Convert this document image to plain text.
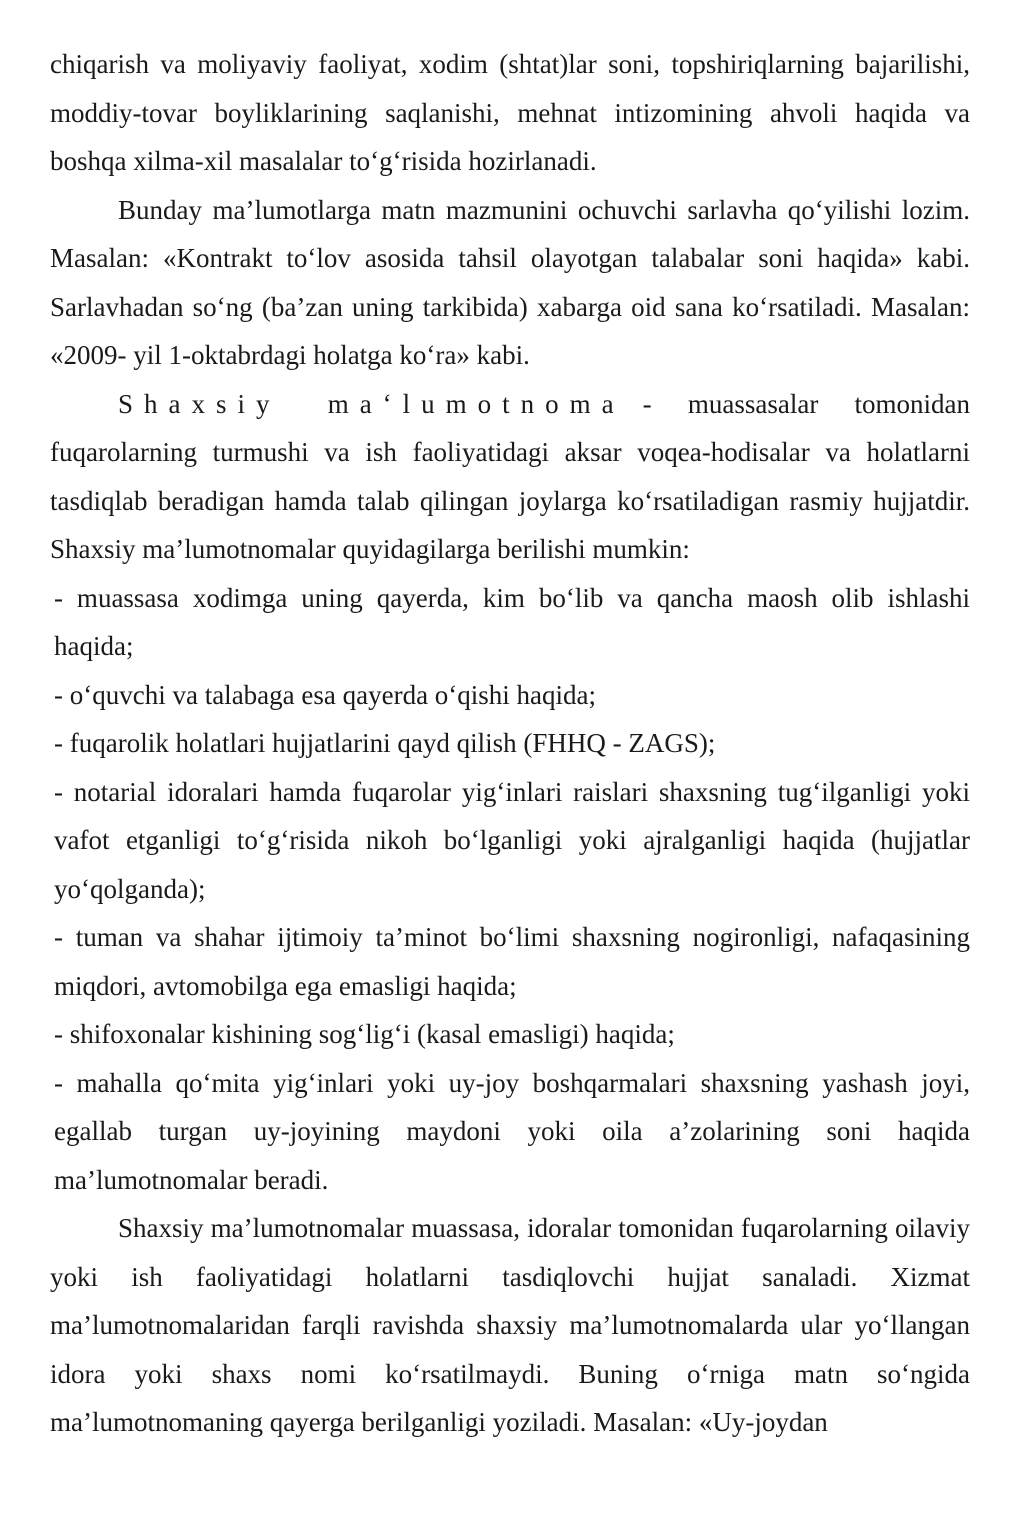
chiqarish va moliyaviy faoliyat, xodim (shtat)lar soni, topshiriqlarning bajarilishi, moddiy-tovar boyliklarining saqlanishi, mehnat intizomining ahvoli haqida va boshqa xilma-xil masalalar to‘g‘risida hozirlanadi.

Bunday ma’lumotlarga matn mazmunini ochuvchi sarlavha qo‘yilishi lozim. Masalan: «Kontrakt to‘lov asosida tahsil olayotgan talabalar soni haqida» kabi. Sarlavhadan so‘ng (ba’zan uning tarkibida) xabarga oid sana ko‘rsatiladi. Masalan: «2009- yil 1-oktabrdagi holatga ko‘ra» kabi.

Shaxsiy ma‘lumotnoma - muassasalar tomonidan fuqarolarning turmushi va ish faoliyatidagi aksar voqea-hodisalar va holatlarni tasdiqlab beradigan hamda talab qilingan joylarga ko‘rsatiladigan rasmiy hujjatdir. Shaxsiy ma’lumotnomalar quyidagilarga berilishi mumkin:

- muassasa xodimga uning qayerda, kim bo‘lib va qancha maosh olib ishlashi haqida;

- o‘quvchi va talabaga esa qayerda o‘qishi haqida;

- fuqarolik holatlari hujjatlarini qayd qilish (FHHQ - ZAGS);

- notarial idoralari hamda fuqarolar yig‘inlari raislari shaxsning tug‘ilganligi yoki vafot etganligi to‘g‘risida nikoh bo‘lganligi yoki ajralganligi haqida (hujjatlar yo‘qolganda);

- tuman va shahar ijtimoiy ta’minot bo‘limi shaxsning nogironligi, nafaqasining miqdori, avtomobilga ega emasligi haqida;

- shifoxonalar kishining sog‘lig‘i (kasal emasligi) haqida;

- mahalla qo‘mita yig‘inlari yoki uy-joy boshqarmalari shaxsning yashash joyi, egallab turgan uy-joyining maydoni yoki oila a’zolarining soni haqida ma’lumotnomalar beradi.

Shaxsiy ma’lumotnomalar muassasa, idoralar tomonidan fuqarolarning oilaviy yoki ish faoliyatidagi holatlarni tasdiqlovchi hujjat sanaladi. Xizmat ma’lumotnomalaridan farqli ravishda shaxsiy ma’lumotnomalarda ular yo‘llangan idora yoki shaxs nomi ko‘rsatilmaydi. Buning o‘rniga matn so‘ngida ma’lumotnomaning qayerga berilganligi yoziladi. Masalan: «Uy-joydan
